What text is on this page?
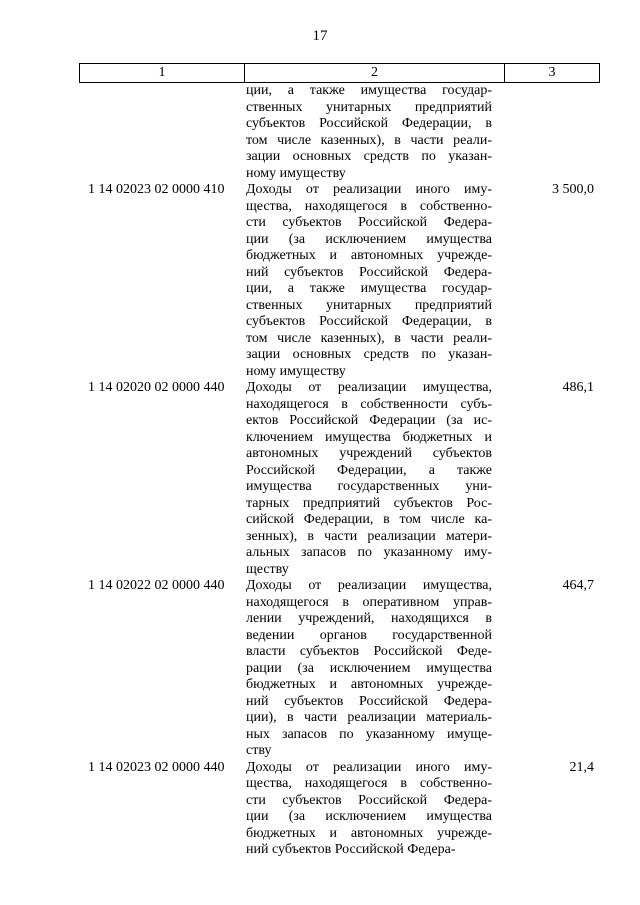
17
1	2	3
ции, а также имущества государ-
ственных унитарных предприятий
субъектов Российской Федерации, в
том числе казенных), в части реали-
зации основных средств по указан-
ному имуществу
1 14 02023 02 0000 410 Доходы от реализации иного иму-
щества, находящегося в собственно-
сти субъектов Российской Федера-
ции (за исключением имущества
бюджетных и автономных учрежде-
ний субъектов Российской Федера-
ции, а также имущества государ-
ственных унитарных предприятий
субъектов Российской Федерации, в
том числе казенных), в части реали-
зации основных средств по указан-
ному имуществу
3 500,0
1 14 02020 02 0000 440 Доходы от реализации имущества,
находящегося в собственности субъ-
ектов Российской Федерации (за ис-
ключением имущества бюджетных и
автономных учреждений субъектов
Российской Федерации, а также
имущества государственных уни-
тарных предприятий субъектов Рос-
сийской Федерации, в том числе ка-
зенных), в части реализации матери-
альных запасов по указанному иму-
ществу
486,1
1 14 02022 02 0000 440 Доходы от реализации имущества,
находящегося в оперативном управ-
лении учреждений, находящихся в
ведении органов государственной
власти субъектов Российской Феде-
рации (за исключением имущества
бюджетных и автономных учрежде-
ний субъектов Российской Федера-
ции), в части реализации материаль-
ных запасов по указанному имуще-
ству
464,7
1 14 02023 02 0000 440 Доходы от реализации иного иму-
щества, находящегося в собственно-
сти субъектов Российской Федера-
ции (за исключением имущества
бюджетных и автономных учрежде-
ний субъектов Российской Федера-
21,4
